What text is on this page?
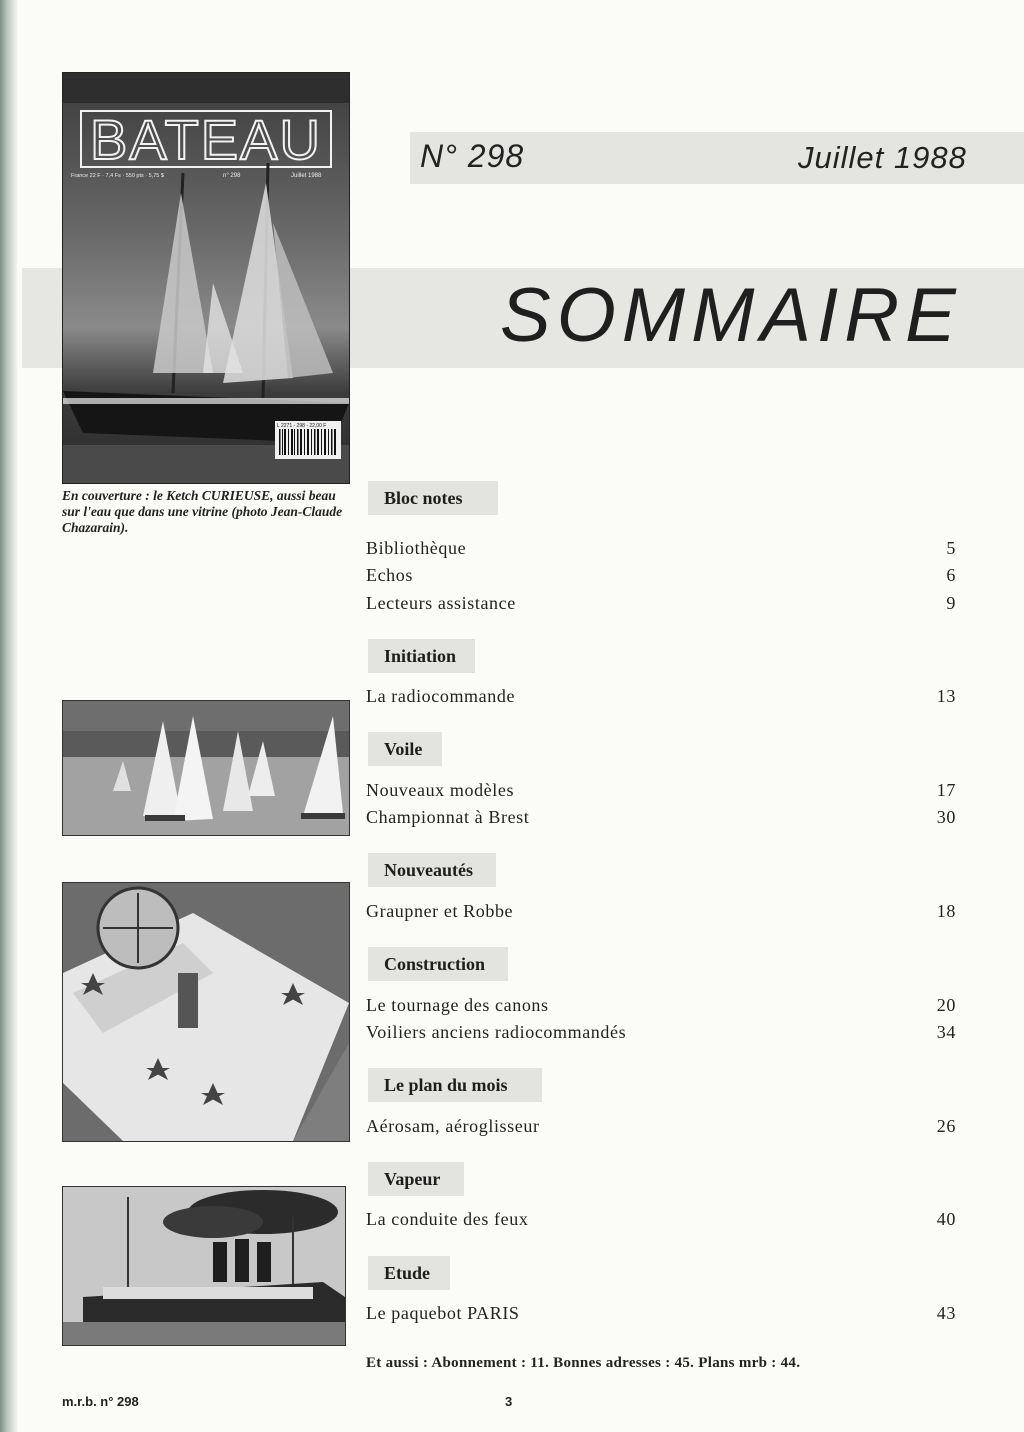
N° 298	Juillet 1988
SOMMAIRE
BATEAU
France 22 F · 7,4 Fs · 550 pts · 5,75 $	n° 298	Juillet 1988
L 2271 - 298 - 22,00 F
En couverture : le Ketch CURIEUSE, aussi beau sur l'eau que dans une vitrine (photo Jean-Claude Chazarain).
Bloc notes
Bibliothèque	5
Echos	6
Lecteurs assistance	9
Initiation
La radiocommande	13
Voile
Nouveaux modèles	17
Championnat à Brest	30
Nouveautés
Graupner et Robbe	18
Construction
Le tournage des canons	20
Voiliers anciens radiocommandés	34
Le plan du mois
Aérosam, aéroglisseur	26
Vapeur
La conduite des feux	40
Etude
Le paquebot PARIS	43
Et aussi : Abonnement : 11. Bonnes adresses : 45. Plans mrb : 44.
m.r.b. n° 298	3
